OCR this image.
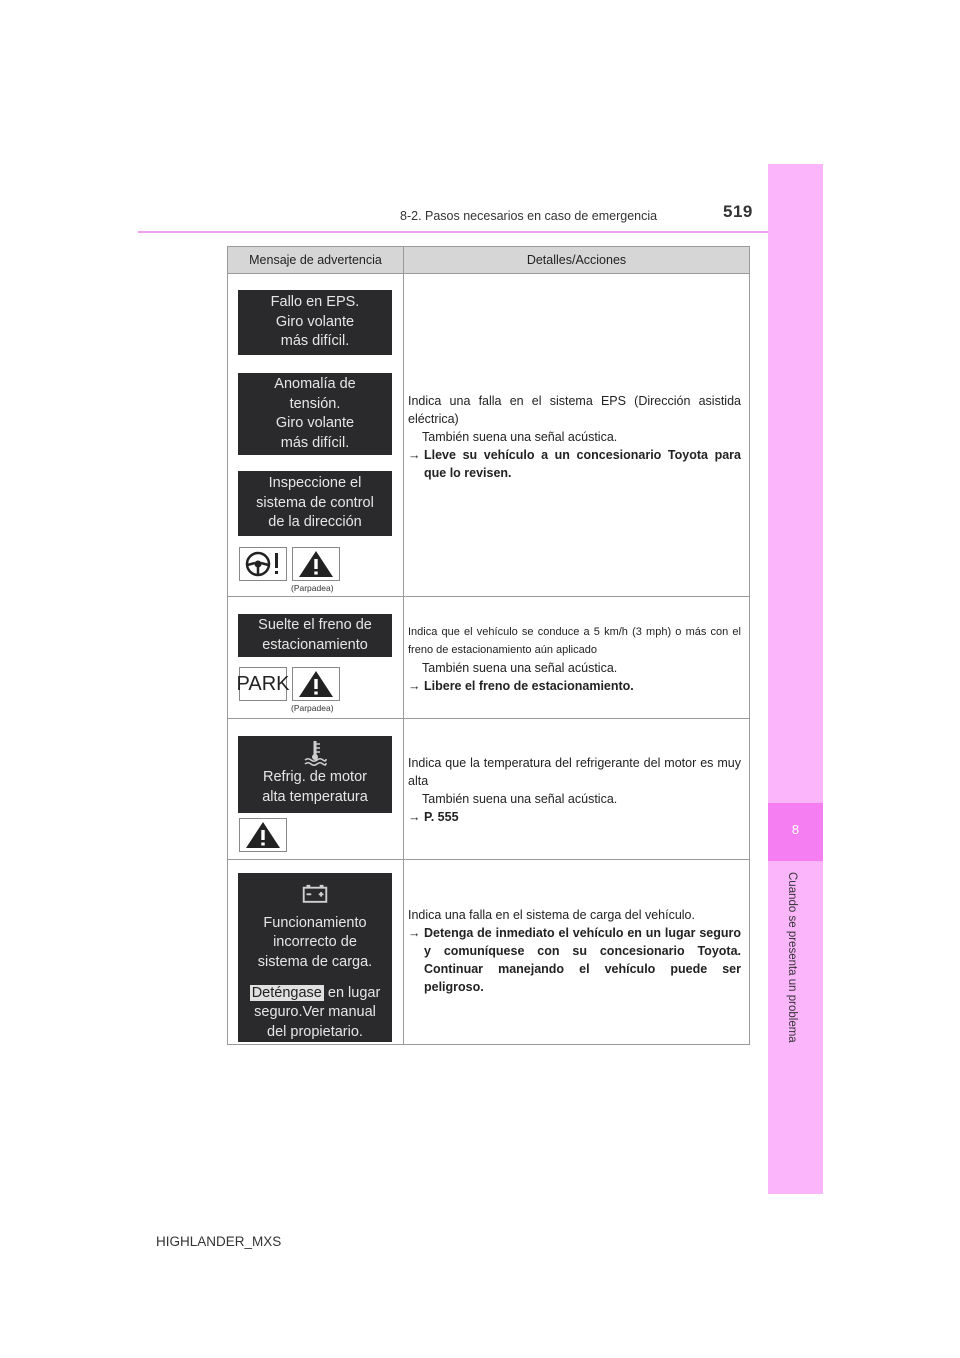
8-2. Pasos necesarios en caso de emergencia	519
8
Cuando se presenta un problema
Mensaje de advertencia	Detalles/Acciones
Fallo en EPS.
Giro volante
más difícil.
Anomalía de
tensión.
Giro volante
más difícil.
Inspeccione el
sistema de control
de la dirección
(Parpadea)
Indica una falla en el sistema EPS (Dirección asistida eléctrica)
También suena una señal acústica.
→ Lleve su vehículo a un concesionario Toyota para que lo revisen.
Suelte el freno de
estacionamiento
PARK
(Parpadea)
Indica que el vehículo se conduce a 5 km/h (3 mph) o más con el freno de estacionamiento aún aplicado
También suena una señal acústica.
→ Libere el freno de estacionamiento.
Refrig. de motor
alta temperatura
Indica que la temperatura del refrigerante del motor es muy alta
También suena una señal acústica.
→ P. 555
Funcionamiento
incorrecto de
sistema de carga.
Deténgase en lugar
seguro.Ver manual
del propietario.
Indica una falla en el sistema de carga del vehículo.
→ Detenga de inmediato el vehículo en un lugar seguro y comuníquese con su concesionario Toyota. Continuar manejando el vehículo puede ser peligroso.
HIGHLANDER_MXS
